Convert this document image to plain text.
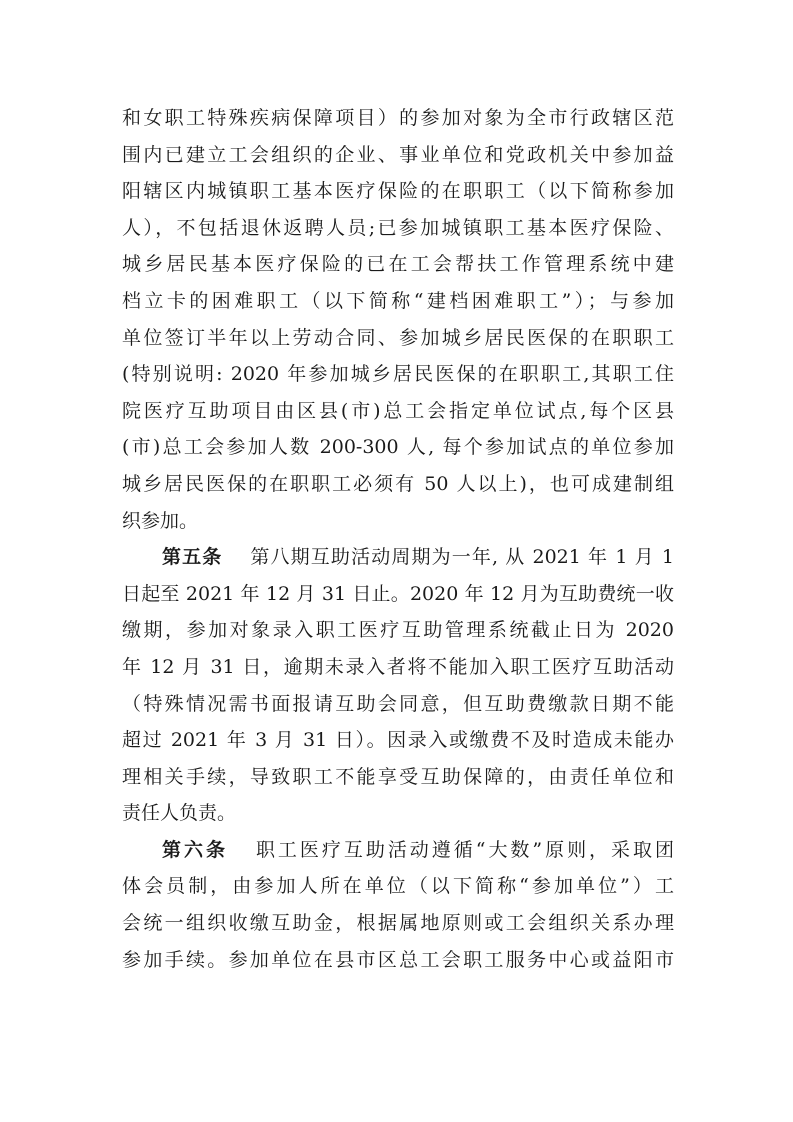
和女职工特殊疾病保障项目）的参加对象为全市行政辖区范
围内已建立工会组织的企业、事业单位和党政机关中参加益
阳辖区内城镇职工基本医疗保险的在职职工（以下简称参加
人），不包括退休返聘人员;已参加城镇职工基本医疗保险、
城乡居民基本医疗保险的已在工会帮扶工作管理系统中建
档立卡的困难职工（以下简称“建档困难职工”）；与参加
单位签订半年以上劳动合同、参加城乡居民医保的在职职工
(特别说明: 2020 年参加城乡居民医保的在职职工,其职工住
院医疗互助项目由区县(市)总工会指定单位试点,每个区县
(市)总工会参加人数 200-300 人, 每个参加试点的单位参加
城乡居民医保的在职职工必须有 50 人以上)，也可成建制组
织参加。
第五条 第八期互助活动周期为一年, 从 2021 年 1 月 1
日起至 2021 年 12 月 31 日止。2020 年 12 月为互助费统一收
缴期，参加对象录入职工医疗互助管理系统截止日为 2020
年 12 月 31 日，逾期未录入者将不能加入职工医疗互助活动
（特殊情况需书面报请互助会同意，但互助费缴款日期不能
超过 2021 年 3 月 31 日）。因录入或缴费不及时造成未能办
理相关手续，导致职工不能享受互助保障的，由责任单位和
责任人负责。
第六条 职工医疗互助活动遵循“大数”原则，采取团
体会员制，由参加人所在单位（以下简称“参加单位”）工
会统一组织收缴互助金，根据属地原则或工会组织关系办理
参加手续。参加单位在县市区总工会职工服务中心或益阳市
